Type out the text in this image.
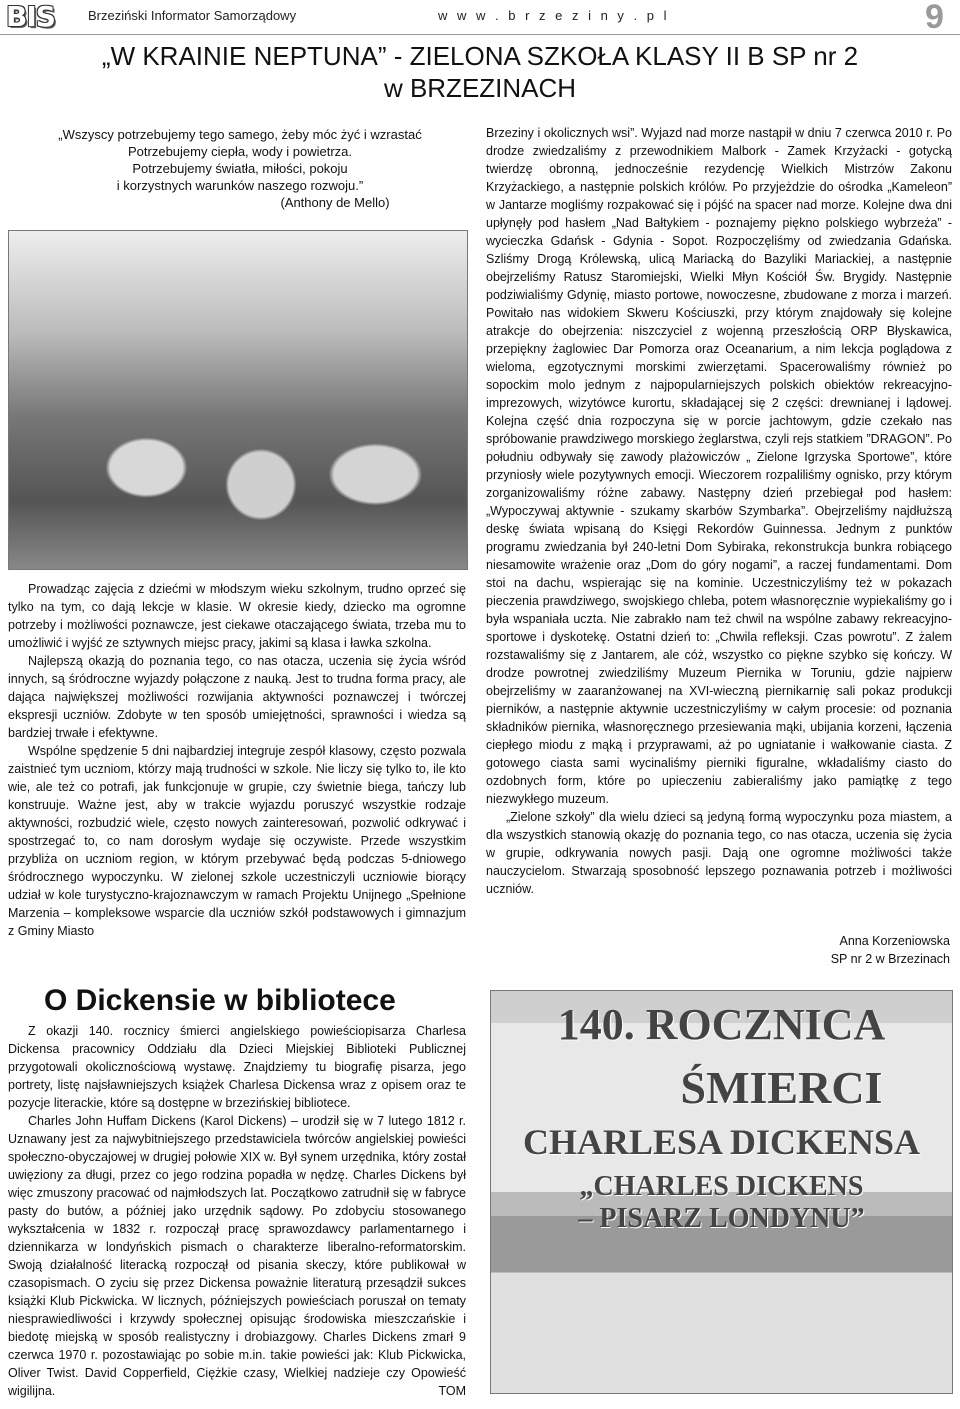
BIS	Brzeziński Informator Samorządowy	w w w . b r z e z i n y . p l	9
„W KRAINIE NEPTUNA” - ZIELONA SZKOŁA KLASY II B SP nr 2
w BRZEZINACH
„Wszyscy potrzebujemy tego samego, żeby móc żyć i wzrastać
Potrzebujemy ciepła, wody i powietrza.
Potrzebujemy światła, miłości, pokoju
i korzystnych warunków naszego rozwoju.”
(Anthony de Mello)

Prowadząc zajęcia z dziećmi w młodszym wieku szkolnym, trudno oprzeć się tylko na tym, co dają lekcje w klasie. W okresie kiedy, dziecko ma ogromne potrzeby i możliwości poznawcze, jest ciekawe otaczającego świata, trzeba mu to umożliwić i wyjść ze sztywnych miejsc pracy, jakimi są klasa i ławka szkolna.

Najlepszą okazją do poznania tego, co nas otacza, uczenia się życia wśród innych, są śródroczne wyjazdy połączone z nauką. Jest to trudna forma pracy, ale dająca największej możliwości rozwijania aktywności poznawczej i twórczej ekspresji uczniów. Zdobyte w ten sposób umiejętności, sprawności i wiedza są bardziej trwałe i efektywne.

Wspólne spędzenie 5 dni najbardziej integruje zespół klasowy, często pozwala zaistnieć tym uczniom, którzy mają trudności w szkole. Nie liczy się tylko to, ile kto wie, ale też co potrafi, jak funkcjonuje w grupie, czy świetnie biega, tańczy lub konstruuje. Ważne jest, aby w trakcie wyjazdu poruszyć wszystkie rodzaje aktywności, rozbudzić wiele, często nowych zainteresowań, pozwolić odkrywać i spostrzegać to, co nam dorosłym wydaje się oczywiste. Przede wszystkim przybliża on uczniom region, w którym przebywać będą podczas 5-dniowego śródrocznego wypoczynku. W zielonej szkole uczestniczyli uczniowie biorący udział w kole turystyczno-krajoznawczym w ramach Projektu Unijnego „Spełnione Marzenia – kompleksowe wsparcie dla uczniów szkół podstawowych i gimnazjum z Gminy Miasto

Brzeziny i okolicznych wsi”. Wyjazd nad morze nastąpił w dniu 7 czerwca 2010 r. Po drodze zwiedzaliśmy z przewodnikiem Malbork - Zamek Krzyżacki - gotycką twierdzę obronną, jednocześnie rezydencję Wielkich Mistrzów Zakonu Krzyżackiego, a następnie polskich królów. Po przyjeżdzie do ośrodka „Kameleon” w Jantarze mogliśmy rozpakować się i pójść na spacer nad morze. Kolejne dwa dni upłynęły pod hasłem „Nad Bałtykiem - poznajemy piękno polskiego wybrzeża” - wycieczka Gdańsk - Gdynia - Sopot. Rozpoczęliśmy od zwiedzania Gdańska. Szliśmy Drogą Królewską, ulicą Mariacką do Bazyliki Mariackiej, a następnie obejrzeliśmy Ratusz Staromiejski, Wielki Młyn Kościół Św. Brygidy. Następnie podziwialiśmy Gdynię, miasto portowe, nowoczesne, zbudowane z morza i marzeń. Powitało nas widokiem Skweru Kościuszki, przy którym znajdowały się kolejne atrakcje do obejrzenia: niszczyciel z wojenną przeszłością ORP Błyskawica, przepiękny żaglowiec Dar Pomorza oraz Oceanarium, a nim lekcja poglądowa z wieloma, egzotycznymi morskimi zwierzętami. Spacerowaliśmy również po sopockim molo jednym z najpopularniejszych polskich obiektów rekreacyjno-imprezowych, wizytówce kurortu, składającej się 2 części: drewnianej i lądowej. Kolejna część dnia rozpoczyna się w porcie jachtowym, gdzie czekało nas spróbowanie prawdziwego morskiego żeglarstwa, czyli rejs statkiem ”DRAGON”. Po południu odbywały się zawody plażowiczów „ Zielone Igrzyska Sportowe”, które przyniosły wiele pozytywnych emocji. Wieczorem rozpaliliśmy ognisko, przy którym zorganizowaliśmy różne zabawy. Następny dzień przebiegał pod hasłem: „Wypoczywaj aktywnie - szukamy skarbów Szymbarka”. Obejrzeliśmy najdłuższą deskę świata wpisaną do Księgi Rekordów Guinnessa. Jednym z punktów programu zwiedzania był 240-letni Dom Sybiraka, rekonstrukcja bunkra robiącego niesamowite wrażenie oraz „Dom do góry nogami”, a raczej fundamentami. Dom stoi na dachu, wspierając się na kominie. Uczestniczyliśmy też w pokazach pieczenia prawdziwego, swojskiego chleba, potem własnoręcznie wypiekaliśmy go i była wspaniała uczta. Nie zabrakło nam też chwil na wspólne zabawy rekreacyjno-sportowe i dyskotekę. Ostatni dzień to: „Chwila refleksji. Czas powrotu”. Z żalem rozstawaliśmy się z Jantarem, ale cóż, wszystko co piękne szybko się kończy. W drodze powrotnej zwiedziliśmy Muzeum Piernika w Toruniu, gdzie najpierw obejrzeliśmy w zaaranżowanej na XVI-wieczną piernikarnię sali pokaz produkcji pierników, a następnie aktywnie uczestniczyliśmy w całym procesie: od poznania składników piernika, własnoręcznego przesiewania mąki, ubijania korzeni, łączenia ciepłego miodu z mąką i przyprawami, aż po ugniatanie i wałkowanie ciasta. Z gotowego ciasta sami wycinaliśmy pierniki figuralne, wkładaliśmy ciasto do ozdobnych form, które po upieczeniu zabieraliśmy jako pamiątkę z tego niezwykłego muzeum.

„Zielone szkoły” dla wielu dzieci są jedyną formą wypoczynku poza miastem, a dla wszystkich stanowią okazję do poznania tego, co nas otacza, uczenia się życia w grupie, odkrywania nowych pasji. Dają one ogromne możliwości także nauczycielom. Stwarzają sposobność lepszego poznawania potrzeb i możliwości uczniów.

Anna Korzeniowska
SP nr 2 w Brzezinach
O Dickensie w bibliotece

Z okazji 140. rocznicy śmierci angielskiego powieściopisarza Charlesa Dickensa pracownicy Oddziału dla Dzieci Miejskiej Biblioteki Publicznej przygotowali okolicznościową wystawę. Znajdziemy tu biografię pisarza, jego portrety, listę najsławniejszych książek Charlesa Dickensa wraz z opisem oraz te pozycje literackie, które są dostępne w brzezińskiej bibliotece.

Charles John Huffam Dickens (Karol Dickens) – urodził się w 7 lutego 1812 r. Uznawany jest za najwybitniejszego przedstawiciela twórców angielskiej powieści społeczno-obyczajowej w drugiej połowie XIX w. Był synem urzędnika, który został uwięziony za długi, przez co jego rodzina popadła w nędzę. Charles Dickens był więc zmuszony pracować od najmłodszych lat. Początkowo zatrudnił się w fabryce pasty do butów, a później jako urzędnik sądowy. Po zdobyciu stosowanego wykształcenia w 1832 r. rozpoczął pracę sprawozdawcy parlamentarnego i dziennikarza w londyńskich pismach o charakterze liberalno-reformatorskim. Swoją działalność literacką rozpoczął od pisania skeczy, które publikował w czasopismach. O zyciu się przez Dickensa poważnie literaturą przesądził sukces książki Klub Pickwicka. W licznych, późniejszych powieściach poruszał on tematy niesprawiedliwości i krzywdy społecznej opisując środowiska mieszczańskie i biedotę miejską w sposób realistyczny i drobiazgowy. Charles Dickens zmarł 9 czerwca 1970 r. pozostawiając po sobie m.in. takie powieści jak: Klub Pickwicka, Oliver Twist. David Copperfield, Ciężkie czasy, Wielkiej nadzieje czy Opowieść wigilijna.	TOM

140. ROCZNICA
ŚMIERCI
CHARLESA DICKENSA
„CHARLES DICKENS
– PISARZ LONDYNU”
